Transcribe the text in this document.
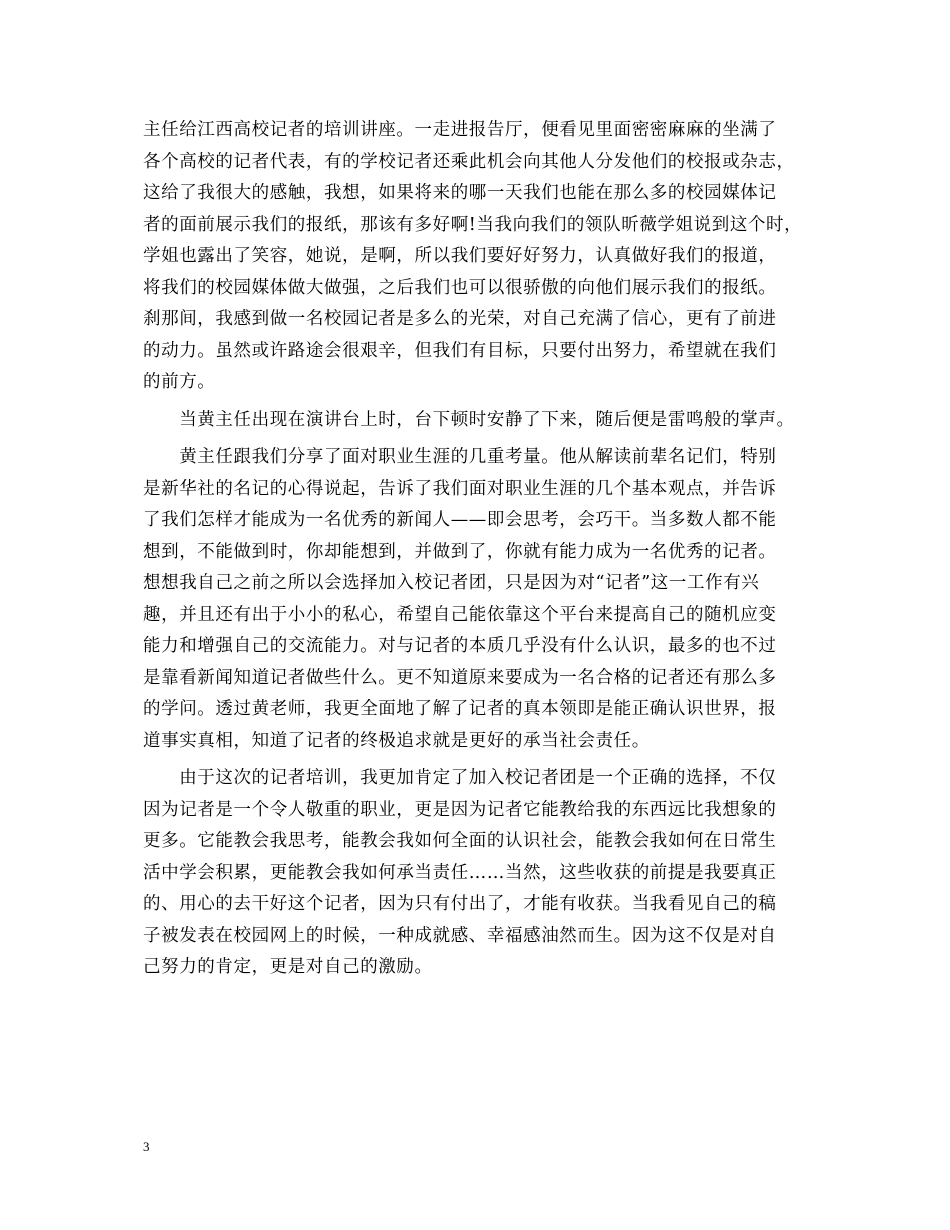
主任给江西高校记者的培训讲座。一走进报告厅，便看见里面密密麻麻的坐满了
各个高校的记者代表，有的学校记者还乘此机会向其他人分发他们的校报或杂志，
这给了我很大的感触，我想，如果将来的哪一天我们也能在那么多的校园媒体记
者的面前展示我们的报纸，那该有多好啊!当我向我们的领队昕薇学姐说到这个时，
学姐也露出了笑容，她说，是啊，所以我们要好好努力，认真做好我们的报道，
将我们的校园媒体做大做强，之后我们也可以很骄傲的向他们展示我们的报纸。
刹那间，我感到做一名校园记者是多么的光荣，对自己充满了信心，更有了前进
的动力。虽然或许路途会很艰辛，但我们有目标，只要付出努力，希望就在我们
的前方。
　　当黄主任出现在演讲台上时，台下顿时安静了下来，随后便是雷鸣般的掌声。
　　黄主任跟我们分享了面对职业生涯的几重考量。他从解读前辈名记们，特别
是新华社的名记的心得说起，告诉了我们面对职业生涯的几个基本观点，并告诉
了我们怎样才能成为一名优秀的新闻人——即会思考，会巧干。当多数人都不能
想到，不能做到时，你却能想到，并做到了，你就有能力成为一名优秀的记者。
想想我自己之前之所以会选择加入校记者团，只是因为对“记者”这一工作有兴
趣，并且还有出于小小的私心，希望自己能依靠这个平台来提高自己的随机应变
能力和增强自己的交流能力。对与记者的本质几乎没有什么认识，最多的也不过
是靠看新闻知道记者做些什么。更不知道原来要成为一名合格的记者还有那么多
的学问。透过黄老师，我更全面地了解了记者的真本领即是能正确认识世界，报
道事实真相，知道了记者的终极追求就是更好的承当社会责任。
　　由于这次的记者培训，我更加肯定了加入校记者团是一个正确的选择，不仅
因为记者是一个令人敬重的职业，更是因为记者它能教给我的东西远比我想象的
更多。它能教会我思考，能教会我如何全面的认识社会，能教会我如何在日常生
活中学会积累，更能教会我如何承当责任……当然，这些收获的前提是我要真正
的、用心的去干好这个记者，因为只有付出了，才能有收获。当我看见自己的稿
子被发表在校园网上的时候，一种成就感、幸福感油然而生。因为这不仅是对自
己努力的肯定，更是对自己的激励。
3
